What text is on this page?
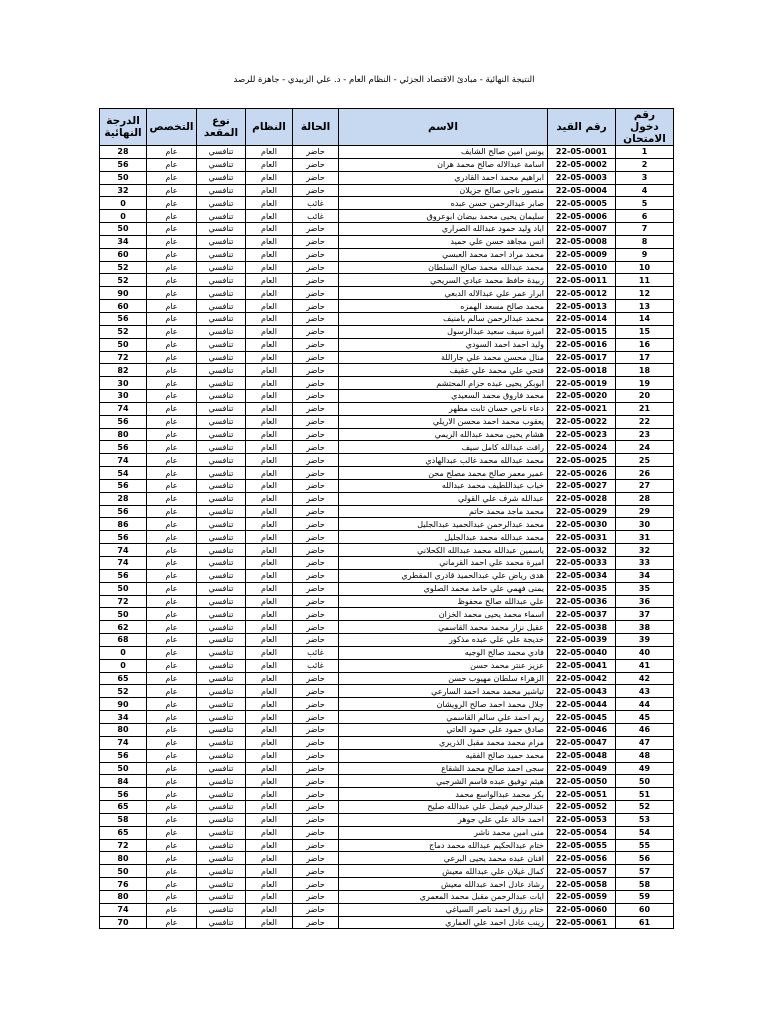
النتيجة النهائية - مبادئ الاقتصاد الجزئي - النظام العام - د. علي الزبيدي - جاهزة للرصد
رقم دخول الامتحان	رقم القيد	الاسم	الحالة	النظام	نوع المقعد	التخصص	الدرجة النهائية
1	22-05-0001	يونس امين صالح الشايف	حاضر	العام	تنافسي	عام	28
2	22-05-0002	اسامة عبدالاله صالح محمد هران	حاضر	العام	تنافسي	عام	56
3	22-05-0003	ابراهيم محمد احمد القادري	حاضر	العام	تنافسي	عام	50
4	22-05-0004	منصور ناجي صالح جزيلان	حاضر	العام	تنافسي	عام	32
5	22-05-0005	صابر عبدالرحمن حسن عبده	غائب	العام	تنافسي	عام	0
6	22-05-0006	سليمان يحيى محمد بيضان ابوعروق	غائب	العام	تنافسي	عام	0
7	22-05-0007	اياد وليد حمود عبدالله الصراري	حاضر	العام	تنافسي	عام	50
8	22-05-0008	انس مجاهد حسن علي حميد	حاضر	العام	تنافسي	عام	34
9	22-05-0009	محمد مراد احمد محمد العبسي	حاضر	العام	تنافسي	عام	60
10	22-05-0010	محمد عبدالله محمد صالح السلطان	حاضر	العام	تنافسي	عام	52
11	22-05-0011	زبيدة حافظ محمد عبادي السريحي	حاضر	العام	تنافسي	عام	52
12	22-05-0012	ابرار عمر علي عبدالاله الدبعي	حاضر	العام	تنافسي	عام	90
13	22-05-0013	محمد صالح مسعد الهمزه	حاضر	العام	تنافسي	عام	60
14	22-05-0014	محمد عبدالرحمن سالم بامنيف	حاضر	العام	تنافسي	عام	56
15	22-05-0015	اميرة سيف سعيد عبدالرسول	حاضر	العام	تنافسي	عام	52
16	22-05-0016	وليد احمد احمد السودي	حاضر	العام	تنافسي	عام	50
17	22-05-0017	منال محسن محمد علي جاراللة	حاضر	العام	تنافسي	عام	72
18	22-05-0018	فتحي علي محمد علي عقيف	حاضر	العام	تنافسي	عام	82
19	22-05-0019	ابوبكر يحيى عبده حزام المحتشم	حاضر	العام	تنافسي	عام	30
20	22-05-0020	محمد فاروق محمد السعيدي	حاضر	العام	تنافسي	عام	30
21	22-05-0021	دعاء ناجي حسان ثابت مطهر	حاضر	العام	تنافسي	عام	74
22	22-05-0022	يعقوب محمد احمد محسن الاريلي	حاضر	العام	تنافسي	عام	56
23	22-05-0023	هشام يحيى محمد عبدالله الريمي	حاضر	العام	تنافسي	عام	80
24	22-05-0024	رافت عبدالله كامل سيف	حاضر	العام	تنافسي	عام	56
25	22-05-0025	محمد عبدالله محمد غالب عبدالهادي	حاضر	العام	تنافسي	عام	74
26	22-05-0026	عمير معمر صالح محمد مصلح محن	حاضر	العام	تنافسي	عام	54
27	22-05-0027	خباب عبداللطيف محمد عبدالله	حاضر	العام	تنافسي	عام	56
28	22-05-0028	عبدالله شرف علي القولي	حاضر	العام	تنافسي	عام	28
29	22-05-0029	محمد ماجد محمد حاتم	حاضر	العام	تنافسي	عام	56
30	22-05-0030	محمد عبدالرحمن عبدالحميد عبدالجليل	حاضر	العام	تنافسي	عام	86
31	22-05-0031	محمد عبدالله محمد عبدالجليل	حاضر	العام	تنافسي	عام	56
32	22-05-0032	ياسمين عبدالله محمد عبدالله الكحلاني	حاضر	العام	تنافسي	عام	74
33	22-05-0033	اميرة محمد علي احمد القرماني	حاضر	العام	تنافسي	عام	74
34	22-05-0034	هدى رياض علي عبدالحميد قادري المقطري	حاضر	العام	تنافسي	عام	56
35	22-05-0035	يمنى فهمي علي حامد محمد الصلوي	حاضر	العام	تنافسي	عام	50
36	22-05-0036	علي عبدالله صالح محفوظ	حاضر	العام	تنافسي	عام	72
37	22-05-0037	اسماء محمد يحيى محمد الخزان	حاضر	العام	تنافسي	عام	50
38	22-05-0038	عقيل نزار محمد محمد القاسمي	حاضر	العام	تنافسي	عام	62
39	22-05-0039	خديجة علي علي عبده مذكور	حاضر	العام	تنافسي	عام	68
40	22-05-0040	فادي محمد صالح الوجيه	غائب	العام	تنافسي	عام	0
41	22-05-0041	عزيز عنتر محمد حسن	غائب	العام	تنافسي	عام	0
42	22-05-0042	الزهراء سلطان مهيوب حسن	حاضر	العام	تنافسي	عام	65
43	22-05-0043	تياشير محمد محمد احمد السارعي	حاضر	العام	تنافسي	عام	52
44	22-05-0044	جلال محمد احمد صالح الرويشان	حاضر	العام	تنافسي	عام	90
45	22-05-0045	ريم احمد علي سالم القاسمي	حاضر	العام	تنافسي	عام	34
46	22-05-0046	صادق حمود علي حمود العاتي	حاضر	العام	تنافسي	عام	80
47	22-05-0047	مرام محمد محمد مقبل الذريري	حاضر	العام	تنافسي	عام	74
48	22-05-0048	محمد حميد صالح الفقيه	حاضر	العام	تنافسي	عام	56
49	22-05-0049	سجى احمد صالح محمد الشقاع	حاضر	العام	تنافسي	عام	50
50	22-05-0050	هيثم توفيق عبده قاسم الشرجبي	حاضر	العام	تنافسي	عام	84
51	22-05-0051	بكر محمد عبدالواسع محمد	حاضر	العام	تنافسي	عام	56
52	22-05-0052	عبدالرحيم فيصل علي عبدالله صليح	حاضر	العام	تنافسي	عام	65
53	22-05-0053	احمد خالد علي علي جوهر	حاضر	العام	تنافسي	عام	58
54	22-05-0054	منى امين محمد ناشر	حاضر	العام	تنافسي	عام	65
55	22-05-0055	ختام عبدالحكيم عبدالله محمد دماج	حاضر	العام	تنافسي	عام	72
56	22-05-0056	افنان عبده محمد يحيى البرعي	حاضر	العام	تنافسي	عام	80
57	22-05-0057	كمال غيلان علي عبدالله معيش	حاضر	العام	تنافسي	عام	50
58	22-05-0058	رشاد عادل احمد عبدالله معيش	حاضر	العام	تنافسي	عام	76
59	22-05-0059	ايات عبدالرحمن مقبل محمد المعمري	حاضر	العام	تنافسي	عام	80
60	22-05-0060	ختام رزق احمد ناصر السياغي	حاضر	العام	تنافسي	عام	74
61	22-05-0061	زينب عادل احمد علي العماري	حاضر	العام	تنافسي	عام	70
